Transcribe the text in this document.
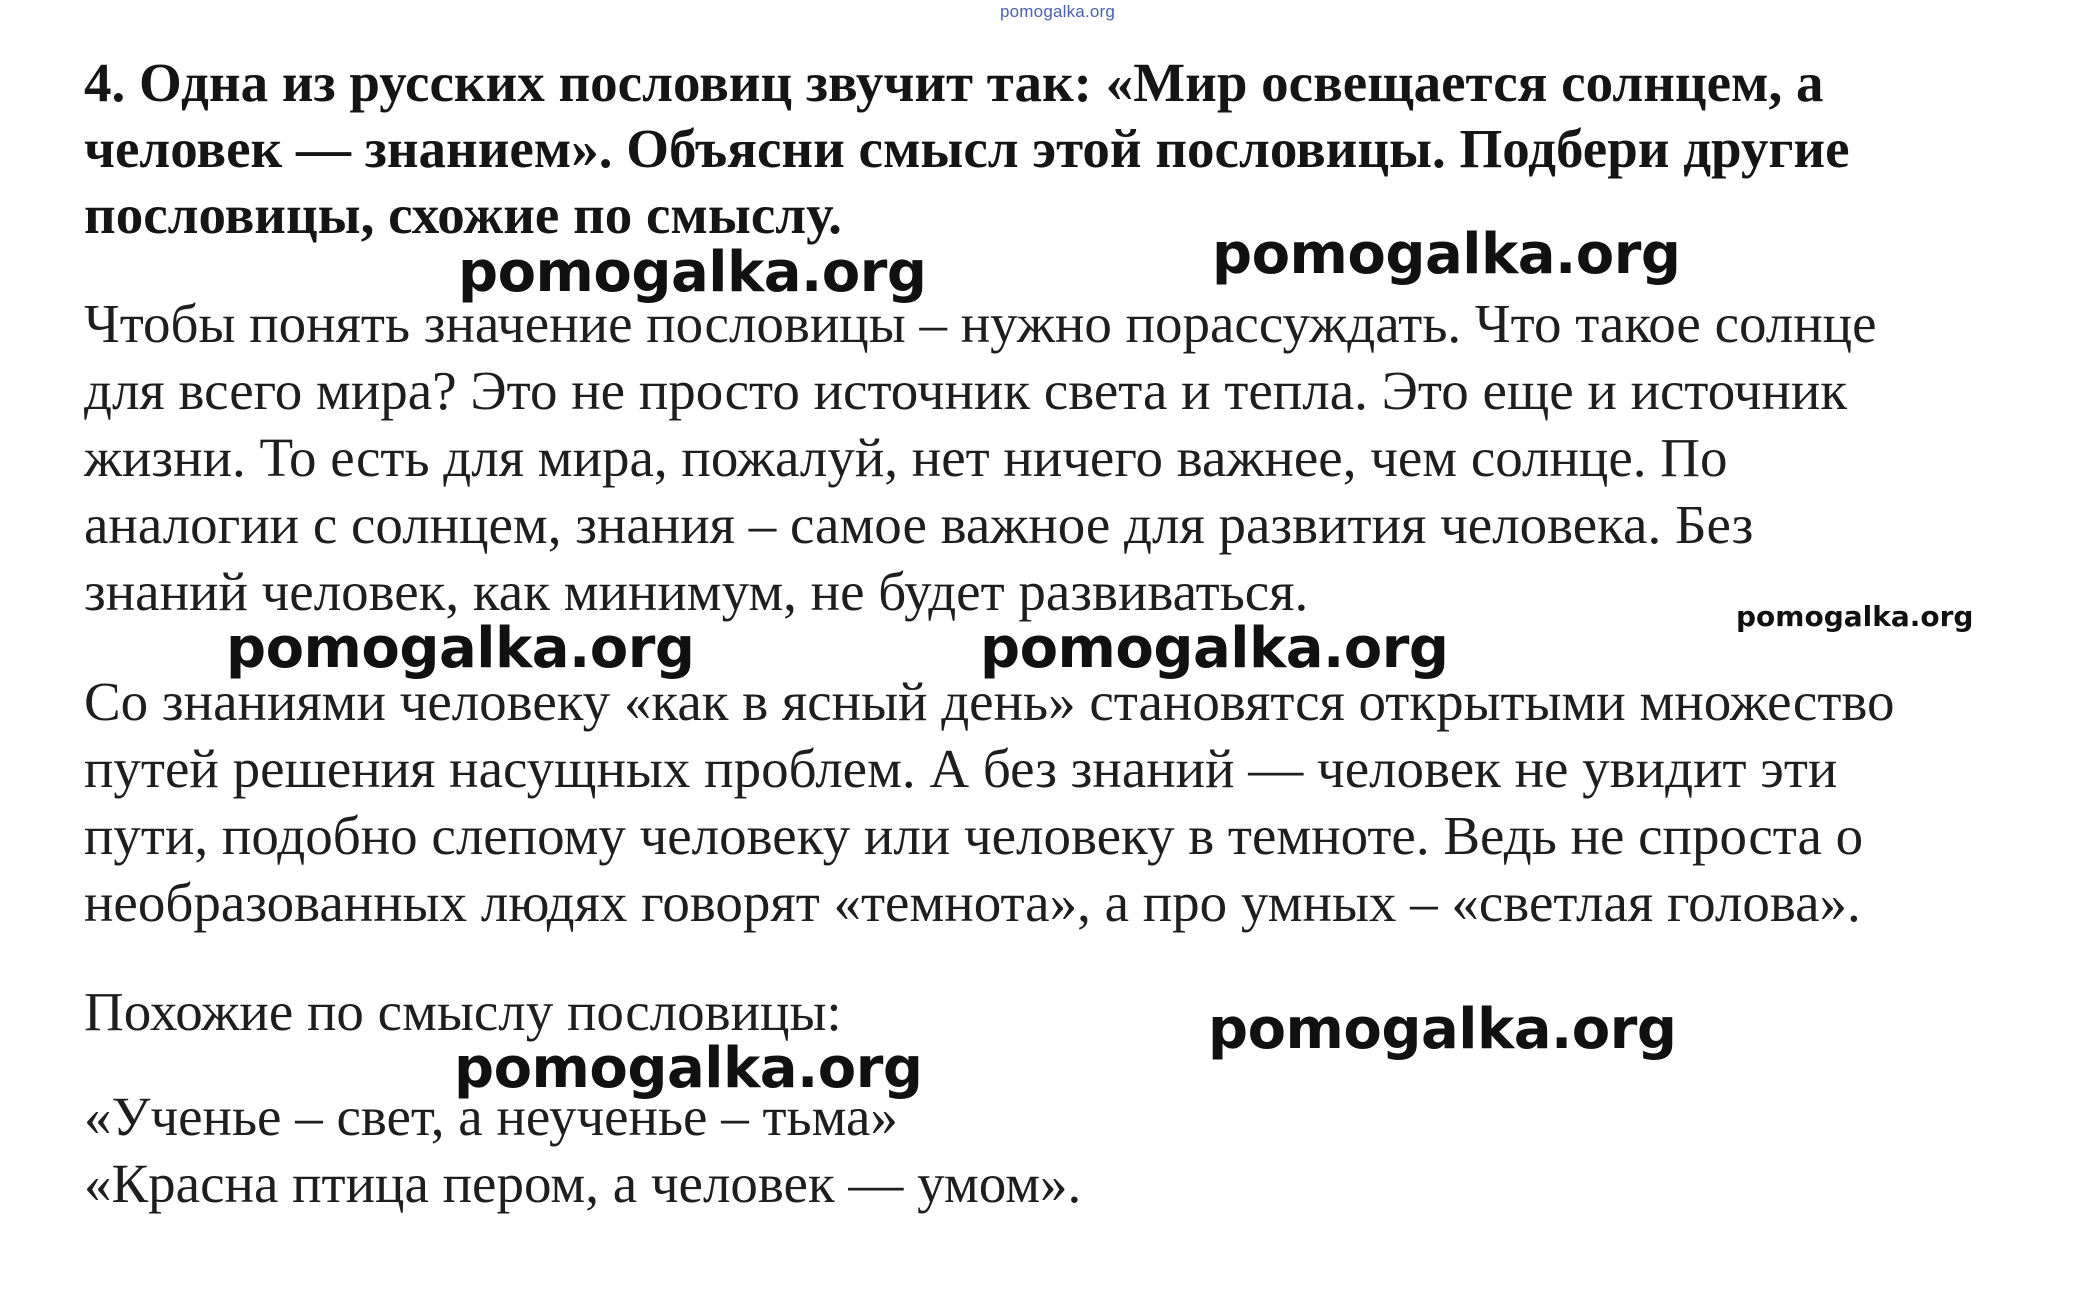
pomogalka.org
4. Одна из русских пословиц звучит так: «Мир освещается солнцем, а
человек — знанием». Объясни смысл этой пословицы. Подбери другие
пословицы, схожие по смыслу.
Чтобы понять значение пословицы – нужно порассуждать. Что такое солнце
для всего мира? Это не просто источник света и тепла. Это еще и источник
жизни. То есть для мира, пожалуй, нет ничего важнее, чем солнце. По
аналогии с солнцем, знания – самое важное для развития человека. Без
знаний человек, как минимум, не будет развиваться.
Со знаниями человеку «как в ясный день» становятся открытыми множество
путей решения насущных проблем. А без знаний — человек не увидит эти
пути, подобно слепому человеку или человеку в темноте. Ведь не спроста о
необразованных людях говорят «темнота», а про умных – «светлая голова».
Похожие по смыслу пословицы:
«Ученье – свет, а неученье – тьма»
«Красна птица пером, а человек — умом».
pomogalka.org	pomogalka.org
pomogalka.org	pomogalka.org	pomogalka.org
pomogalka.org
pomogalka.org
